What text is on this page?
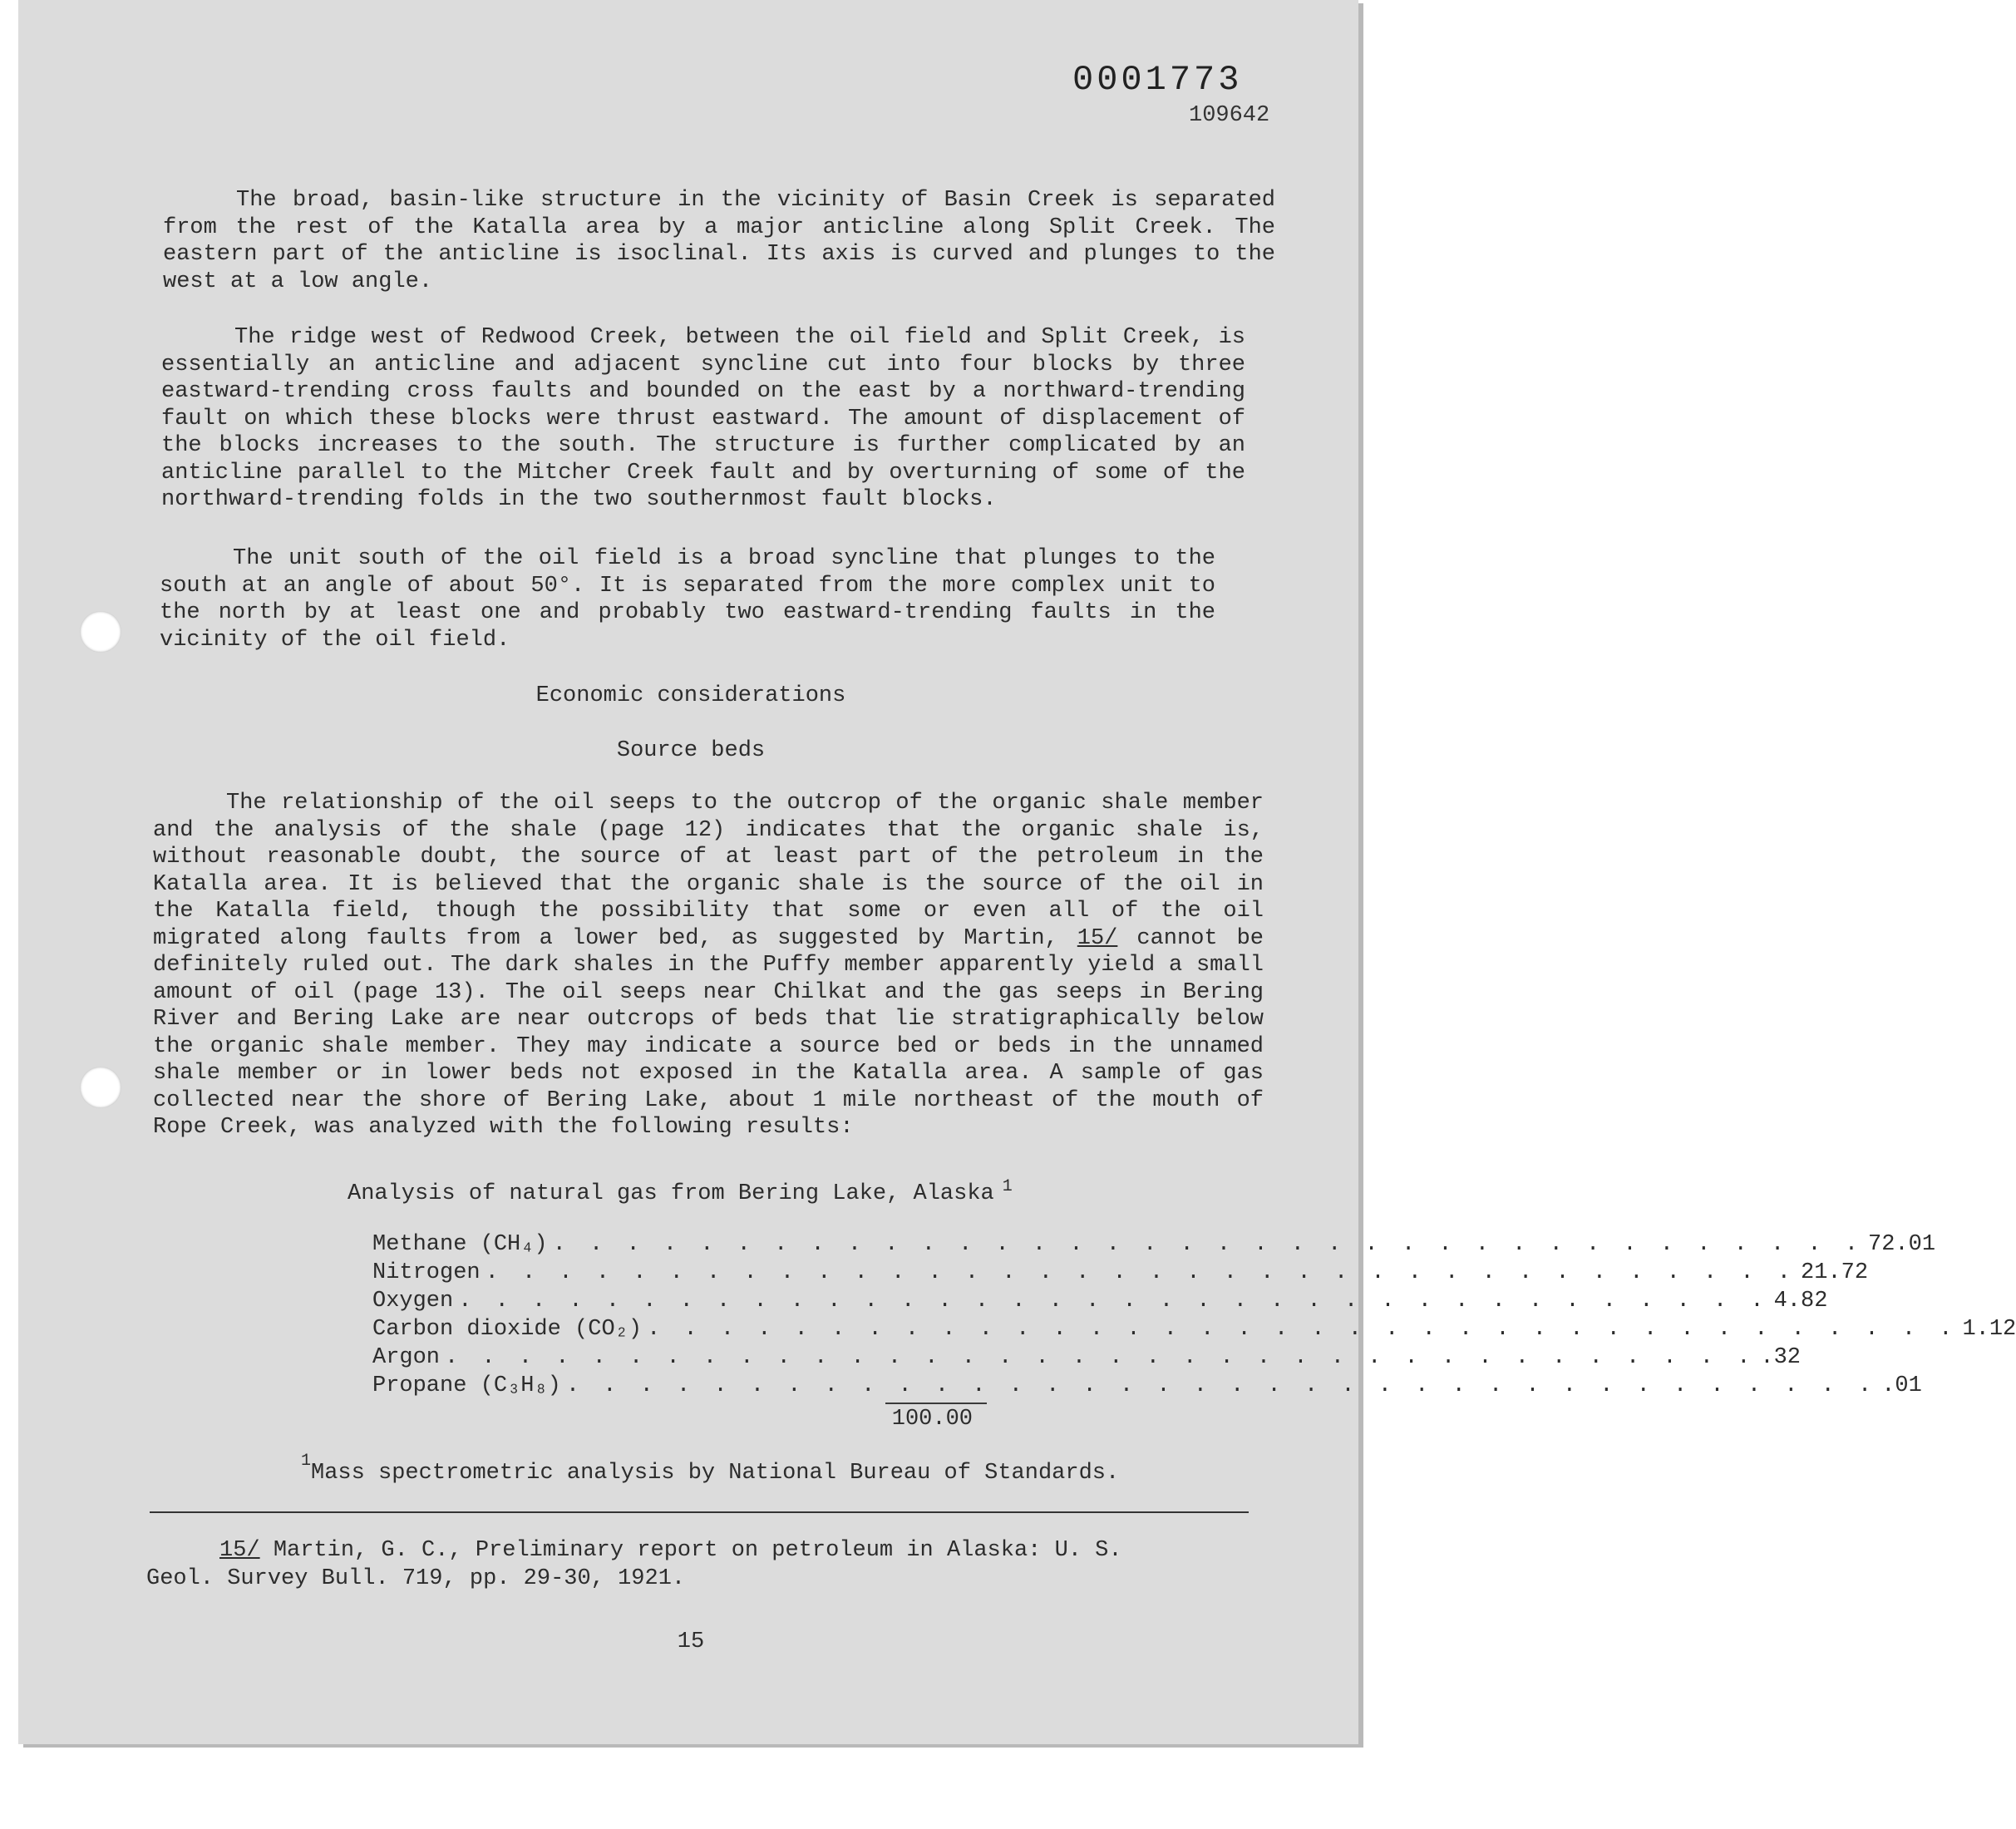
0001773
109642

The broad, basin-like structure in the vicinity of Basin Creek is separated from the rest of the Katalla area by a major anticline along Split Creek. The eastern part of the anticline is isoclinal. Its axis is curved and plunges to the west at a low angle.

The ridge west of Redwood Creek, between the oil field and Split Creek, is essentially an anticline and adjacent syncline cut into four blocks by three eastward-trending cross faults and bounded on the east by a northward-trending fault on which these blocks were thrust eastward. The amount of displacement of the blocks increases to the south. The structure is further complicated by an anticline parallel to the Mitcher Creek fault and by overturning of some of the northward-trending folds in the two southernmost fault blocks.

The unit south of the oil field is a broad syncline that plunges to the south at an angle of about 50°. It is separated from the more complex unit to the north by at least one and probably two eastward-trending faults in the vicinity of the oil field.

Economic considerations
Source beds

The relationship of the oil seeps to the outcrop of the organic shale member and the analysis of the shale (page 12) indicates that the organic shale is, without reasonable doubt, the source of at least part of the petroleum in the Katalla area. It is believed that the organic shale is the source of the oil in the Katalla field, though the possibility that some or even all of the oil migrated along faults from a lower bed, as suggested by Martin, 15/ cannot be definitely ruled out. The dark shales in the Puffy member apparently yield a small amount of oil (page 13). The oil seeps near Chilkat and the gas seeps in Bering River and Bering Lake are near outcrops of beds that lie stratigraphically below the organic shale member. They may indicate a source bed or beds in the unnamed shale member or in lower beds not exposed in the Katalla area. A sample of gas collected near the shore of Bering Lake, about 1 mile northeast of the mouth of Rope Creek, was analyzed with the following results:

Analysis of natural gas from Bering Lake, Alaska $^1$
Methane (CH₄) . . . . . . . . . . . . . . . . . . . . . . . . . . . . . . . . . . . . 72.01
Nitrogen . . . . . . . . . . . . . . . . . . . . . . . . . . . . . . . . . . . . 21.72
Oxygen . . . . . . . . . . . . . . . . . . . . . . . . . . . . . . . . . . . . 4.82
Carbon dioxide (CO₂) . . . . . . . . . . . . . . . . . . . . . . . . . . . . . . . . . . . . 1.12
Argon . . . . . . . . . . . . . . . . . . . . . . . . . . . . . . . . . . . . .32
Propane (C₃H₈) . . . . . . . . . . . . . . . . . . . . . . . . . . . . . . . . . . . . .01
100.00
$^1$Mass spectrometric analysis by National Bureau of Standards.

15/ Martin, G. C., Preliminary report on petroleum in Alaska: U. S. Geol. Survey Bull. 719, pp. 29-30, 1921.

15
